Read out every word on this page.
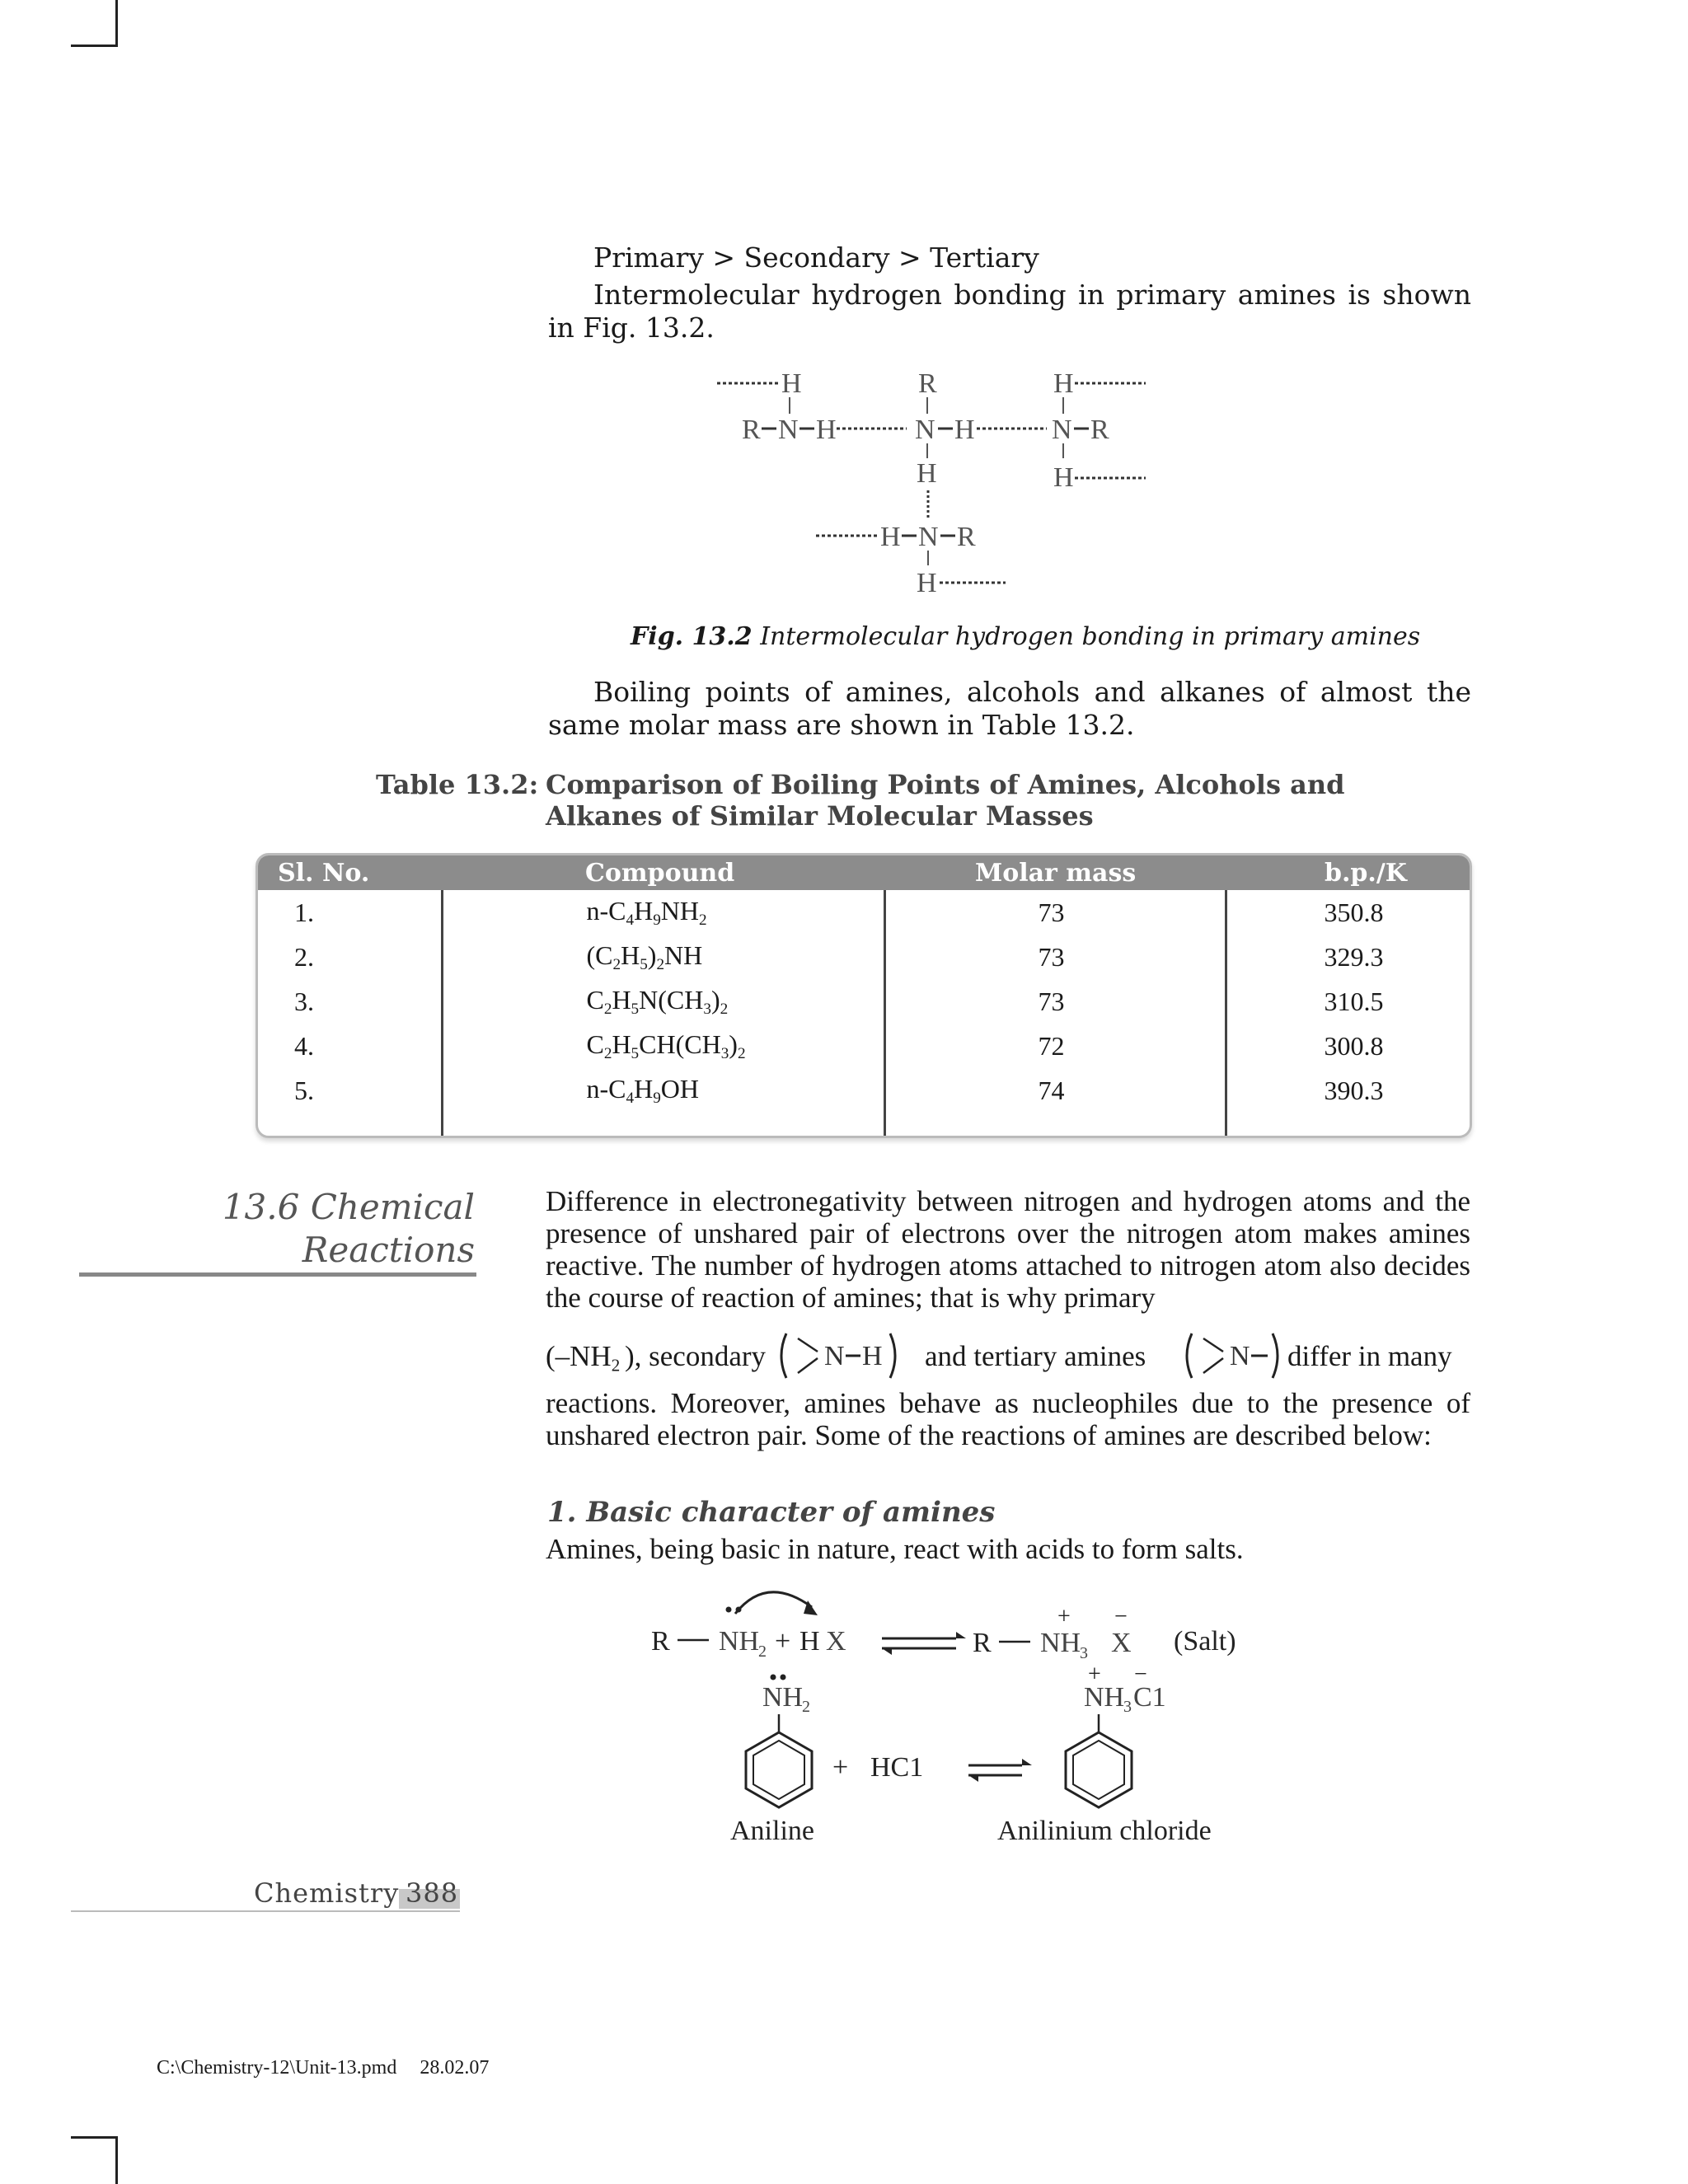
Primary > Secondary > Tertiary
Intermolecular hydrogen bonding in primary amines is shown in Fig. 13.2.
H
R N H
R
N H
H
H
N R
H
H N R
H
Fig. 13.2 Intermolecular hydrogen bonding in primary amines
Boiling points of amines, alcohols and alkanes of almost the same molar mass are shown in Table 13.2.
Table 13.2: Comparison of Boiling Points of Amines, Alcohols and
Alkanes of Similar Molecular Masses
Sl. No.	Compound	Molar mass	b.p./K
1.	$n-C_4H_9NH_2$	73	350.8
2.	$(C_2H_5)_2NH$	73	329.3
3.	$C_2H_5N(CH_3)_2$	73	310.5
4.	$C_2H_5CH(CH_3)_2$	72	300.8
5.	$n-C_4H_9OH$	74	390.3

13.6 Chemical
Reactions
Difference in electronegativity between nitrogen and hydrogen atoms and the presence of unshared pair of electrons over the nitrogen atom makes amines reactive. The number of hydrogen atoms attached to nitrogen atom also decides the course of reaction of amines; that is why primary
($-NH_2$ ), secondary N H and tertiary amines	N differ in many
reactions. Moreover, amines behave as nucleophiles due to the presence of unshared electron pair. Some of the reactions of amines are described below:
1. Basic character of amines
Amines, being basic in nature, react with acids to form salts.
R NH
2 + H X	R NH
3
+
X
−
(Salt)
NH
2
+ HC1
+ −
NH
3 C1
Aniline	Anilinium chloride
Chemistry 388
C:\Chemistry-12\Unit-13.pmd 28.02.07
